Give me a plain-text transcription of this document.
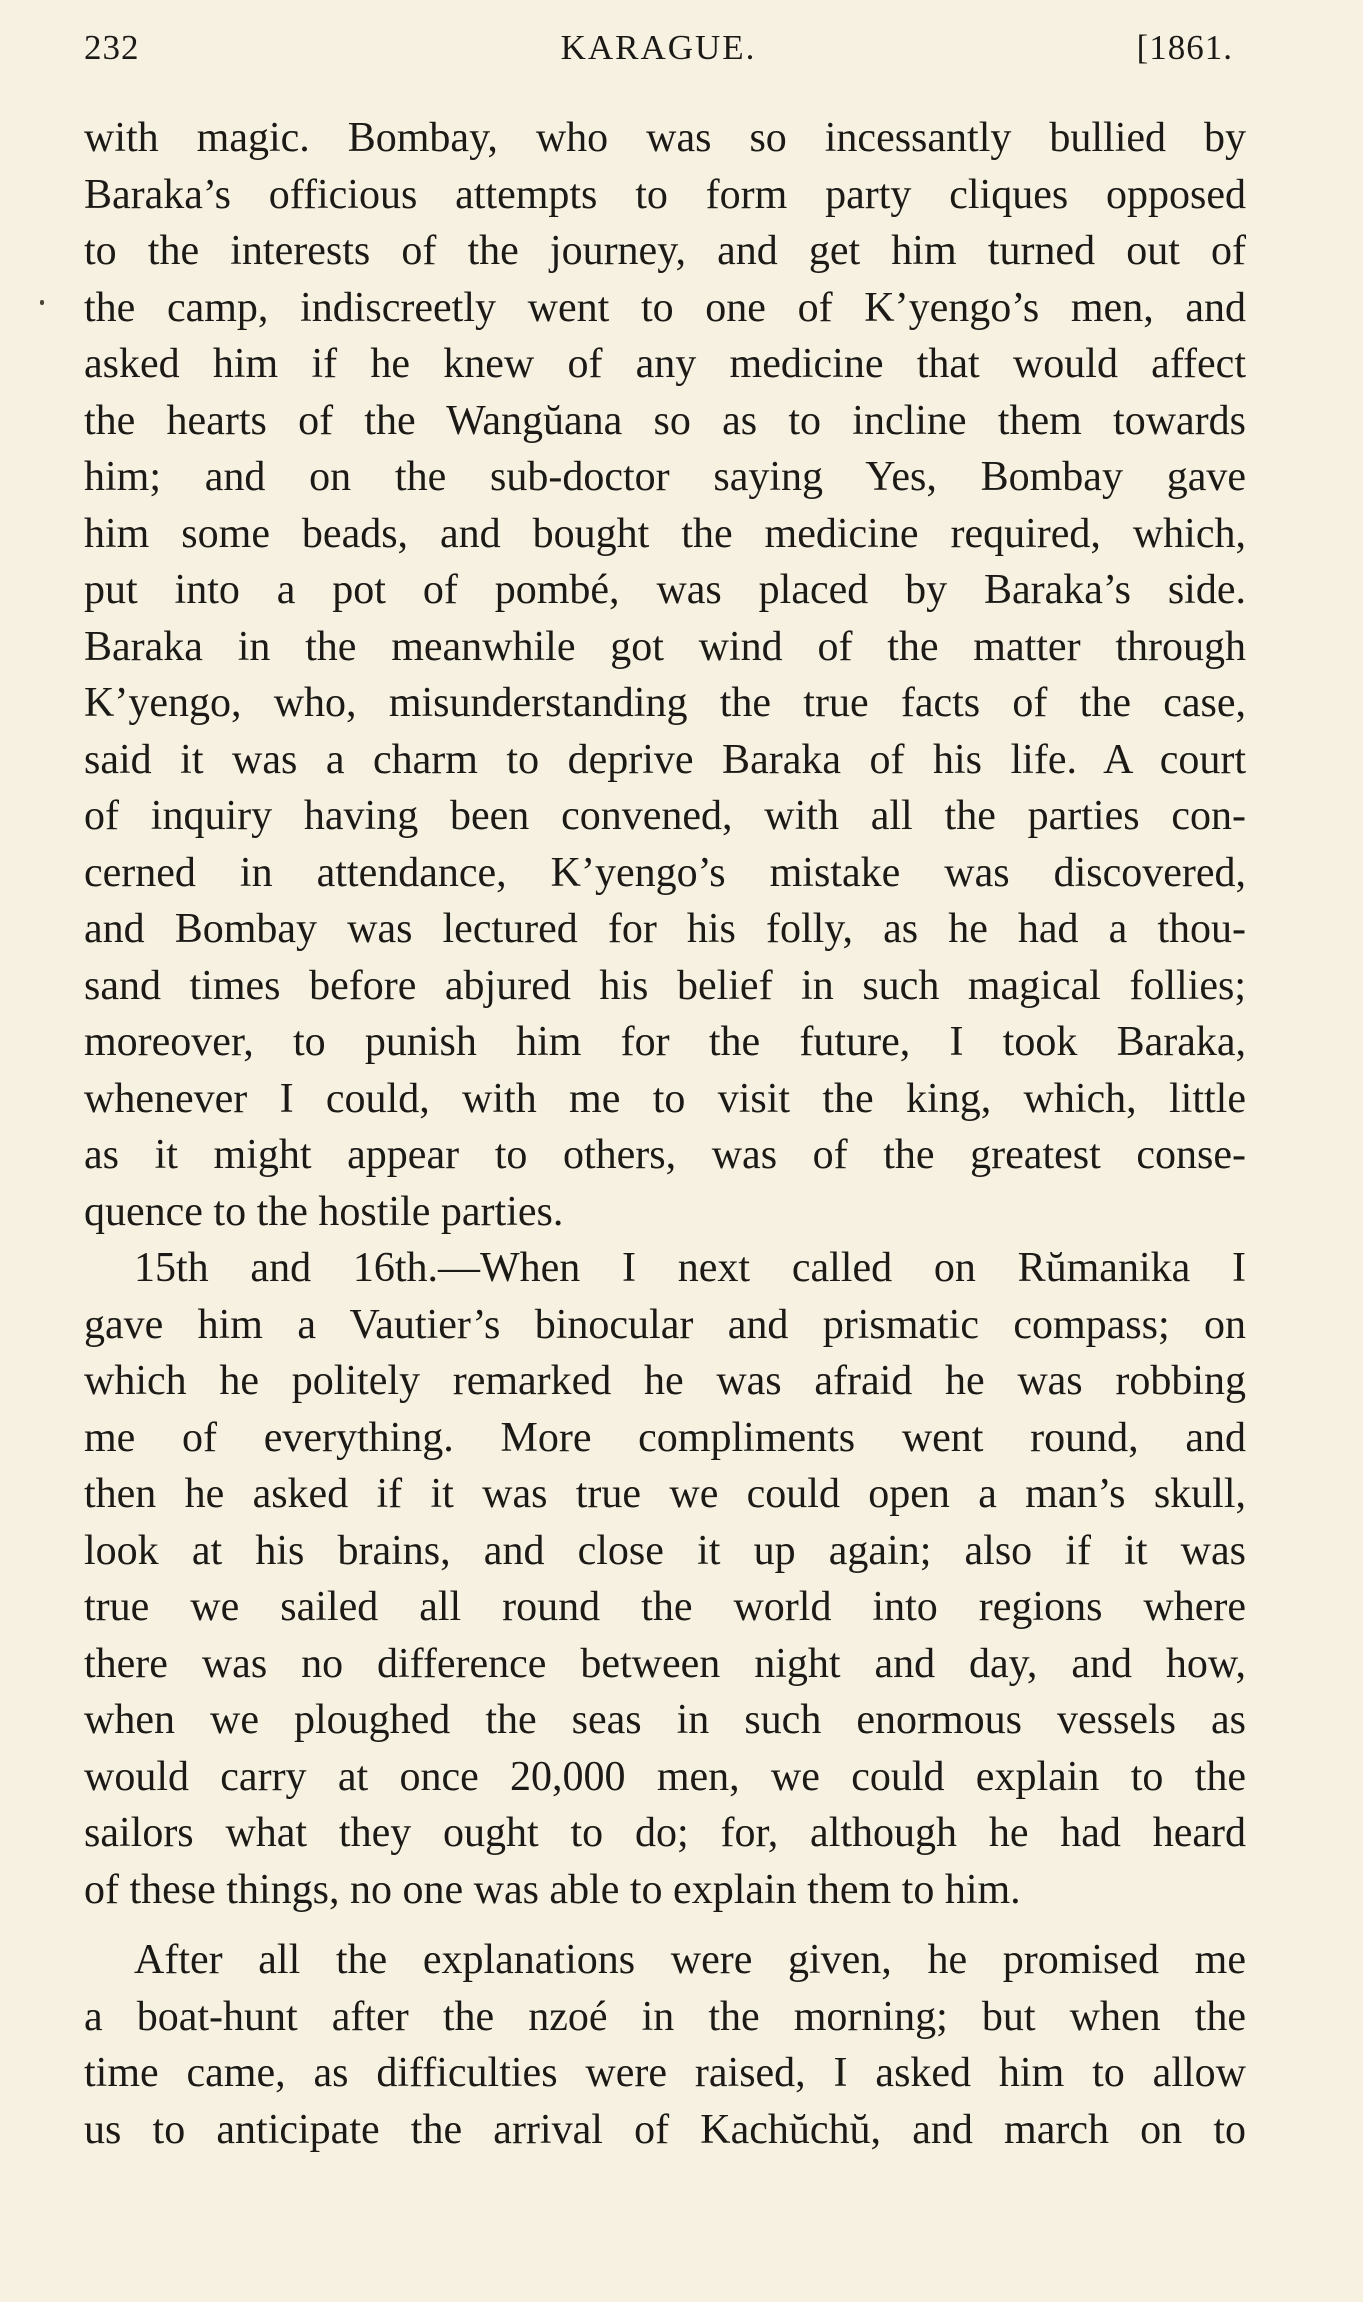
232	KARAGUE.	[1861.
with magic. Bombay, who was so incessantly bullied by
Baraka’s officious attempts to form party cliques opposed
to the interests of the journey, and get him turned out of
the camp, indiscreetly went to one of K’yengo’s men, and
asked him if he knew of any medicine that would affect
the hearts of the Wangŭana so as to incline them towards
him; and on the sub-doctor saying Yes, Bombay gave
him some beads, and bought the medicine required, which,
put into a pot of pombé, was placed by Baraka’s side.
Baraka in the meanwhile got wind of the matter through
K’yengo, who, misunderstanding the true facts of the case,
said it was a charm to deprive Baraka of his life. A court
of inquiry having been convened, with all the parties con-
cerned in attendance, K’yengo’s mistake was discovered,
and Bombay was lectured for his folly, as he had a thou-
sand times before abjured his belief in such magical follies;
moreover, to punish him for the future, I took Baraka,
whenever I could, with me to visit the king, which, little
as it might appear to others, was of the greatest conse-
quence to the hostile parties.
15th and 16th.—When I next called on Rŭmanika I
gave him a Vautier’s binocular and prismatic compass; on
which he politely remarked he was afraid he was robbing
me of everything. More compliments went round, and
then he asked if it was true we could open a man’s skull,
look at his brains, and close it up again; also if it was
true we sailed all round the world into regions where
there was no difference between night and day, and how,
when we ploughed the seas in such enormous vessels as
would carry at once 20,000 men, we could explain to the
sailors what they ought to do; for, although he had heard
of these things, no one was able to explain them to him.
After all the explanations were given, he promised me
a boat-hunt after the nzoé in the morning; but when the
time came, as difficulties were raised, I asked him to allow
us to anticipate the arrival of Kachŭchŭ, and march on to
